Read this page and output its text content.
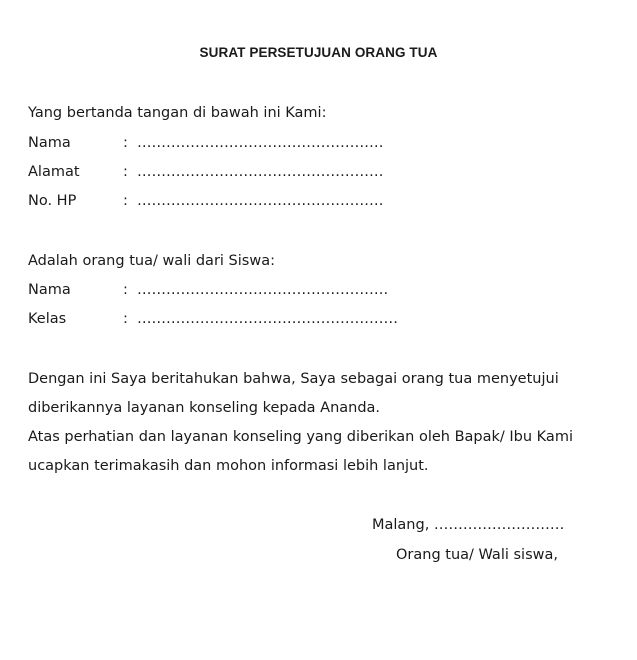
SURAT PERSETUJUAN ORANG TUA
Yang bertanda tangan di bawah ini Kami:
Nama	: ……………………………………………
Alamat	: ……………………………………………
No. HP	: ……………………………………………
Adalah orang tua/ wali dari Siswa:
Nama	: …………………………………………….
Kelas	: ………………………………………………
Dengan ini Saya beritahukan bahwa, Saya sebagai orang tua menyetujui
diberikannya layanan konseling kepada Ananda.
Atas perhatian dan layanan konseling yang diberikan oleh Bapak/ Ibu Kami
ucapkan terimakasih dan mohon informasi lebih lanjut.
Malang, ………………………
Orang tua/ Wali siswa,
